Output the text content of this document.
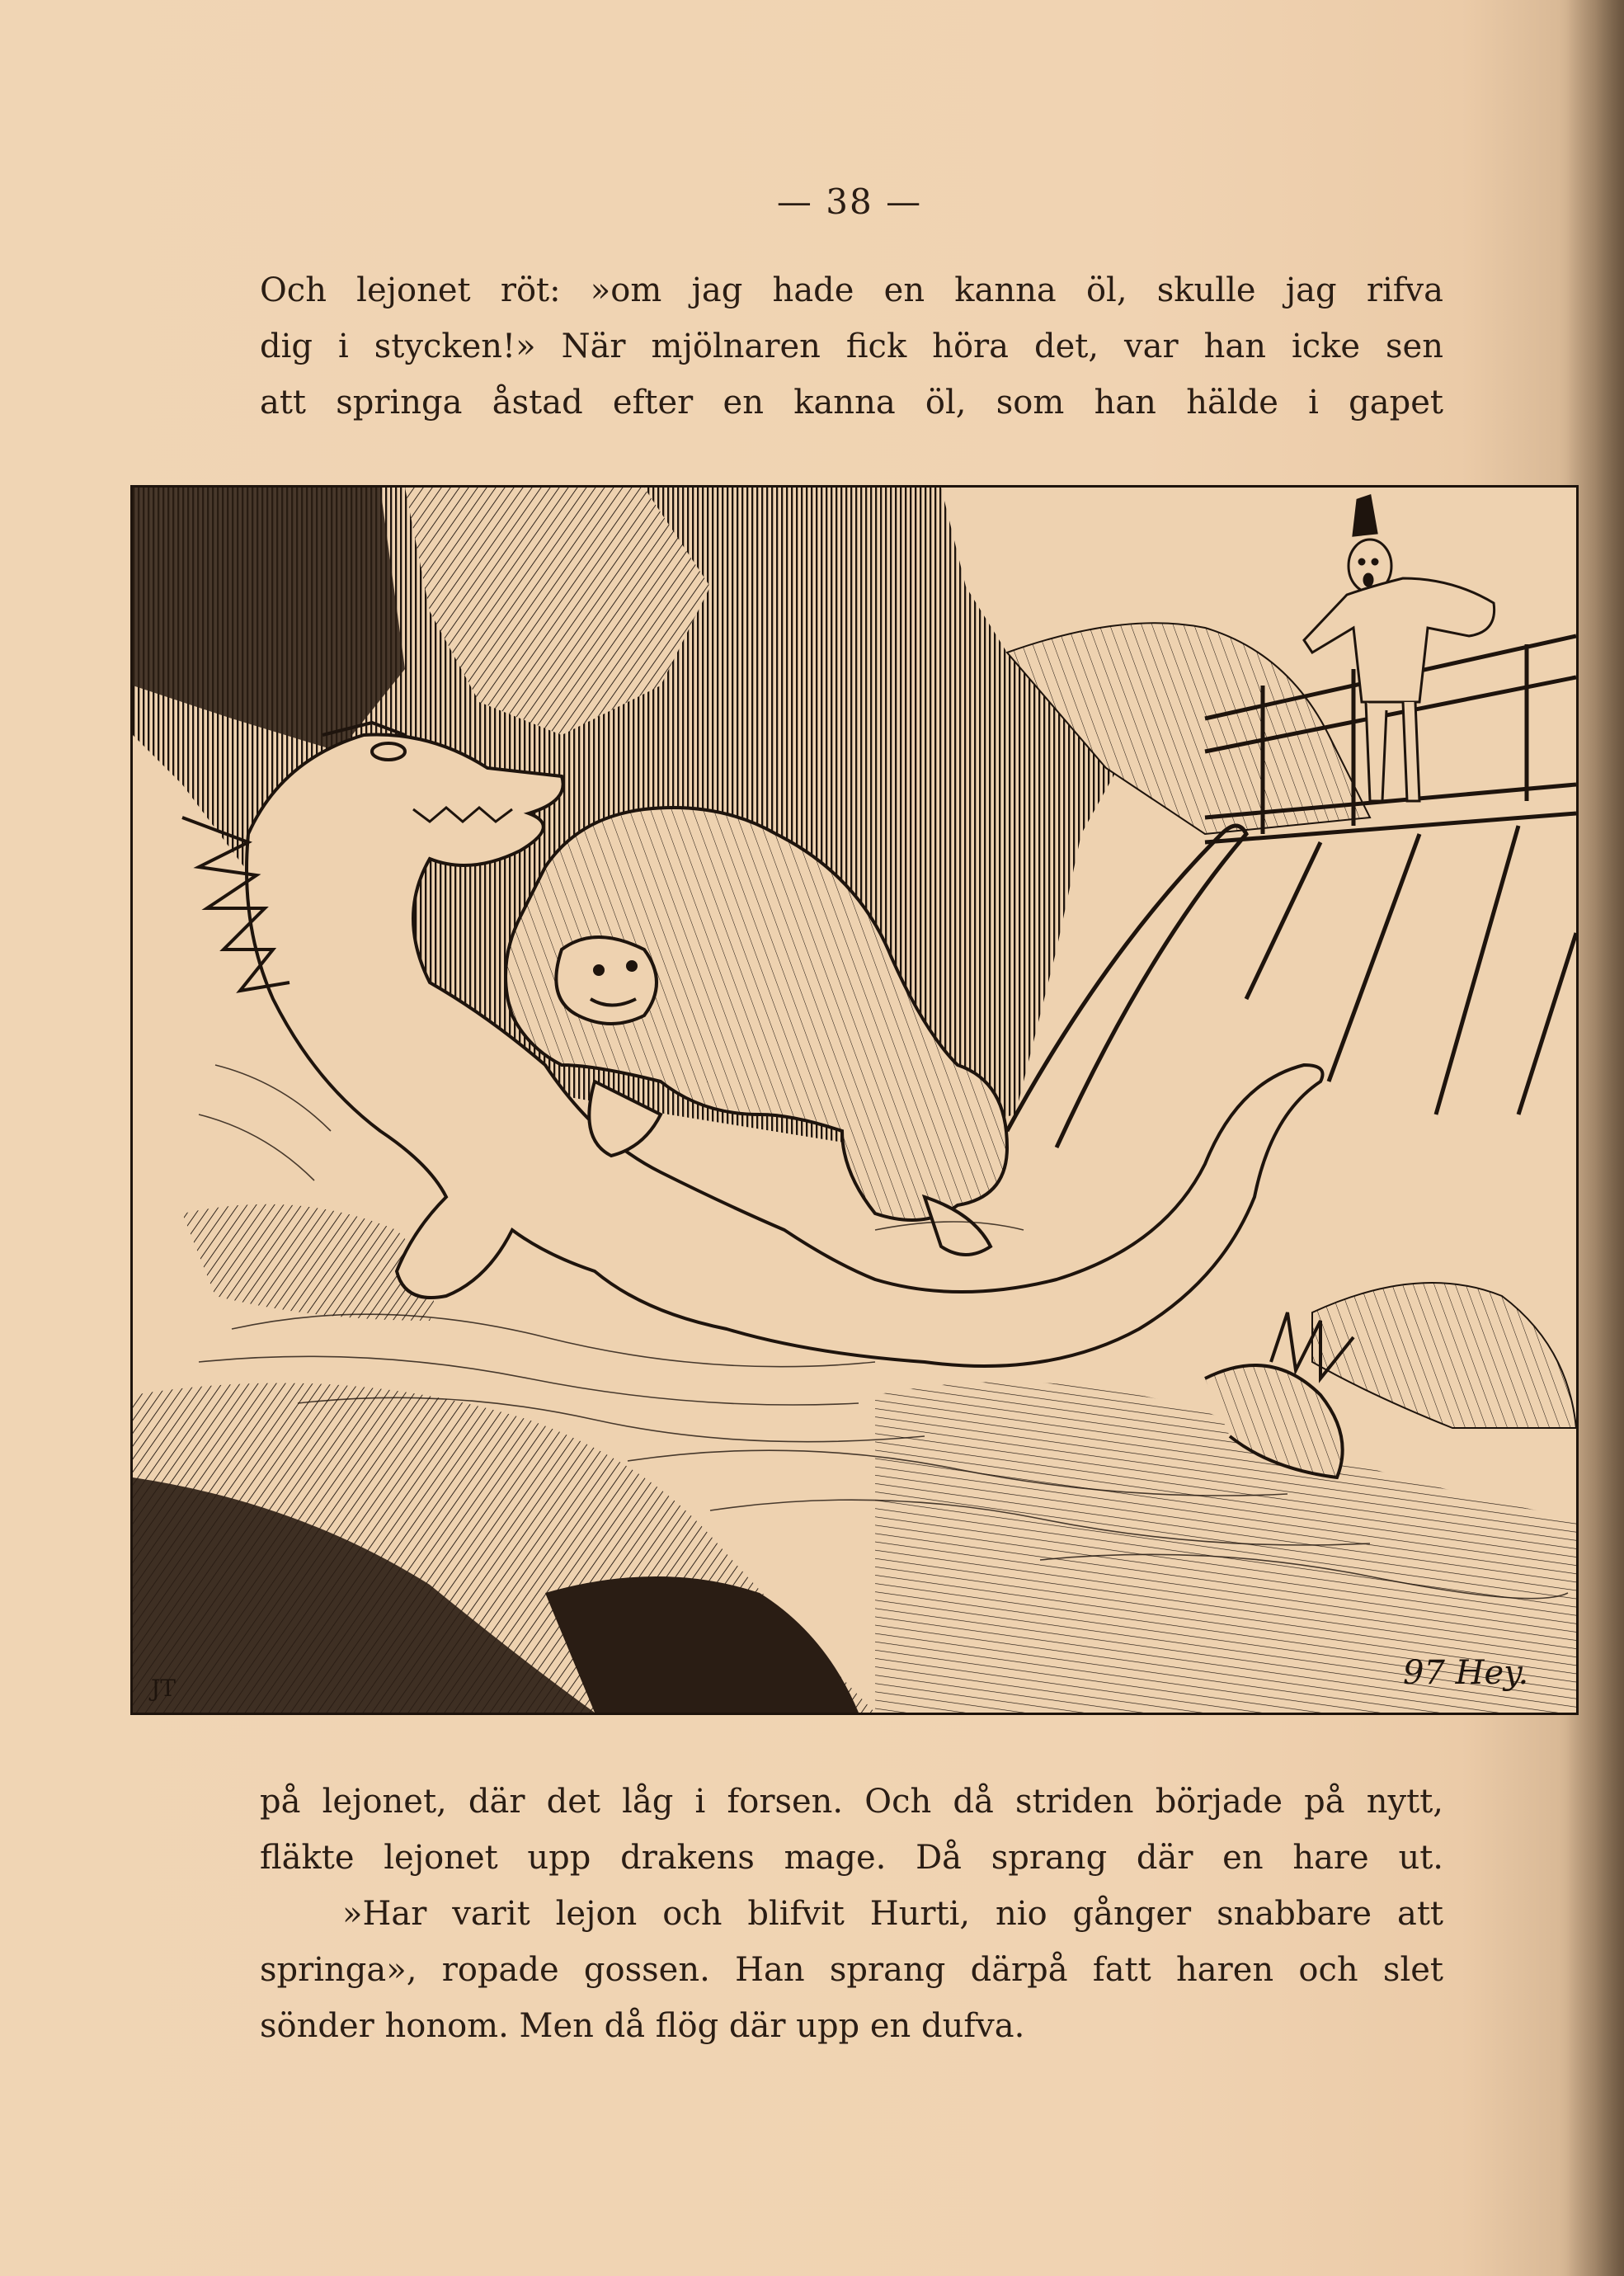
— 38 —
Och lejonet röt: »om jag hade en kanna öl, skulle jag rifva
dig i stycken!» När mjölnaren fick höra det, var han icke sen
att springa åstad efter en kanna öl, som han hälde i gapet
JT	97 Hey.
på lejonet, där det låg i forsen. Och då striden började på nytt,
fläkte lejonet upp drakens mage. Då sprang där en hare ut.
»Har varit lejon och blifvit Hurti, nio gånger snabbare att
springa», ropade gossen. Han sprang därpå fatt haren och slet
sönder honom. Men då flög där upp en dufva.
